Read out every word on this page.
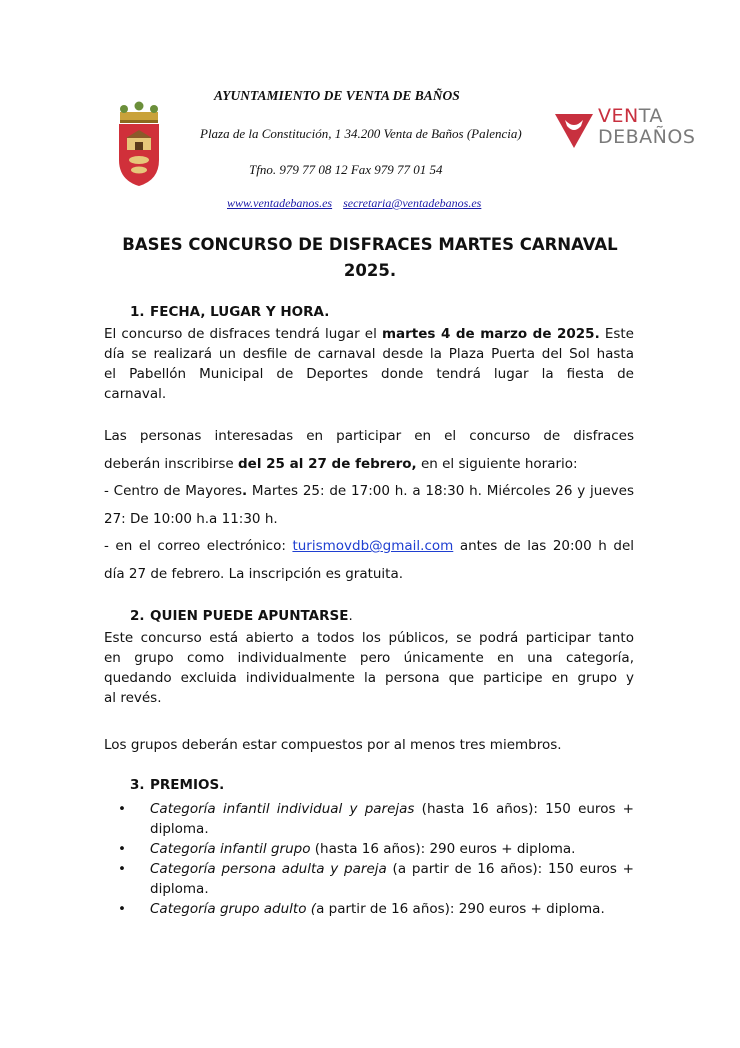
AYUNTAMIENTO DE VENTA DE BAÑOS
Plaza de la Constitución, 1 34.200 Venta de Baños (Palencia)
Tfno. 979 77 08 12 Fax 979 77 01 54
www.ventadebanos.es secretaria@ventadebanos.es
VENTA
DEBAÑOS
BASES CONCURSO DE DISFRACES MARTES CARNAVAL
2025.
1. FECHA, LUGAR Y HORA.
El concurso de disfraces tendrá lugar el martes 4 de marzo de 2025. Este
día se realizará un desfile de carnaval desde la Plaza Puerta del Sol hasta
el Pabellón Municipal de Deportes donde tendrá lugar la fiesta de
carnaval.
Las personas interesadas en participar en el concurso de disfraces
deberán inscribirse del 25 al 27 de febrero, en el siguiente horario:
- Centro de Mayores. Martes 25: de 17:00 h. a 18:30 h. Miércoles 26 y jueves
27: De 10:00 h.a 11:30 h.
- en el correo electrónico: turismovdb@gmail.com antes de las 20:00 h del
día 27 de febrero. La inscripción es gratuita.
2. QUIEN PUEDE APUNTARSE.
Este concurso está abierto a todos los públicos, se podrá participar tanto
en grupo como individualmente pero únicamente en una categoría,
quedando excluida individualmente la persona que participe en grupo y
al revés.
Los grupos deberán estar compuestos por al menos tres miembros.
3. PREMIOS.
• Categoría infantil individual y parejas (hasta 16 años): 150 euros + diploma.
• Categoría infantil grupo (hasta 16 años): 290 euros + diploma.
• Categoría persona adulta y pareja (a partir de 16 años): 150 euros + diploma.
• Categoría grupo adulto (a partir de 16 años): 290 euros + diploma.
